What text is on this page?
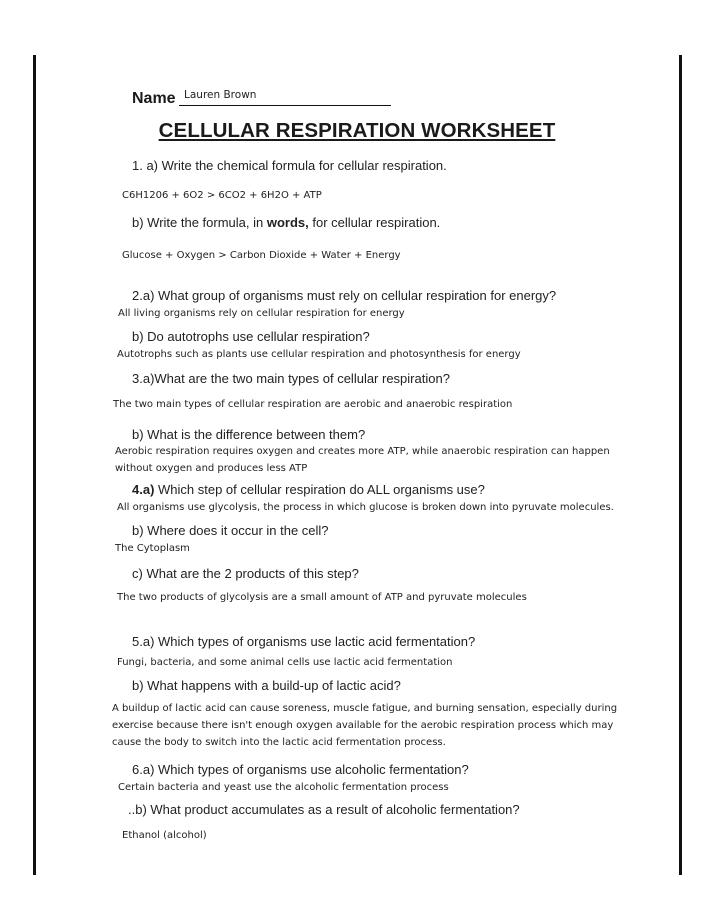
Name Lauren Brown
CELLULAR RESPIRATION WORKSHEET
1. a) Write the chemical formula for cellular respiration.
C6H1206 + 6O2 > 6CO2 + 6H2O + ATP
b) Write the formula, in words, for cellular respiration.
Glucose + Oxygen > Carbon Dioxide + Water + Energy
2.a) What group of organisms must rely on cellular respiration for energy?
All living organisms rely on cellular respiration for energy
b) Do autotrophs use cellular respiration?
Autotrophs such as plants use cellular respiration and photosynthesis for energy
3.a)What are the two main types of cellular respiration?
The two main types of cellular respiration are aerobic and anaerobic respiration
b) What is the difference between them?
Aerobic respiration requires oxygen and creates more ATP, while anaerobic respiration can happen without oxygen and produces less ATP
4.a) Which step of cellular respiration do ALL organisms use?
All organisms use glycolysis, the process in which glucose is broken down into pyruvate molecules.
b) Where does it occur in the cell?
The Cytoplasm
c) What are the 2 products of this step?
The two products of glycolysis are a small amount of ATP and pyruvate molecules
5.a) Which types of organisms use lactic acid fermentation?
Fungi, bacteria, and some animal cells use lactic acid fermentation
b) What happens with a build-up of lactic acid?
A buildup of lactic acid can cause soreness, muscle fatigue, and burning sensation, especially during exercise because there isn't enough oxygen available for the aerobic respiration process which may cause the body to switch into the lactic acid fermentation process.
6.a) Which types of organisms use alcoholic fermentation?
Certain bacteria and yeast use the alcoholic fermentation process
..b) What product accumulates as a result of alcoholic fermentation?
Ethanol (alcohol)
